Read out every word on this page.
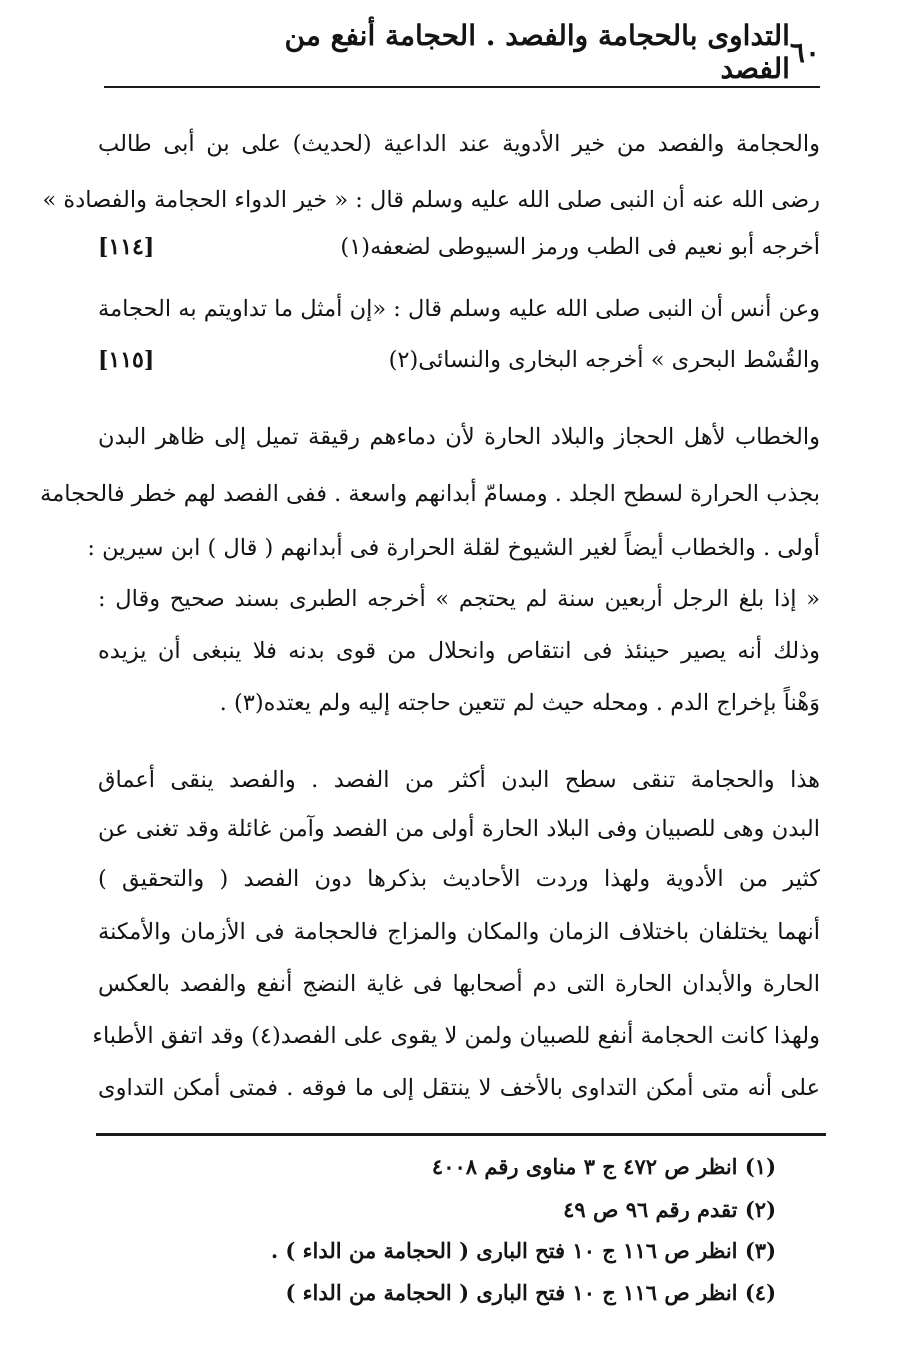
٦٠
التداوى بالحجامة والفصد . الحجامة أنفع من الفصد
والحجامة والفصد من خير الأدوية عند الداعية (لحديث) على بن أبى طالب
رضى الله عنه أن النبى صلى الله عليه وسلم قال : « خير الدواء الحجامة والفصادة »
أخرجه أبو نعيم فى الطب ورمز السيوطى لضعفه(١)
[١١٤]
وعن أنس أن النبى صلى الله عليه وسلم قال : «إن أمثل ما تداويتم به الحجامة
والقُسْط البحرى » أخرجه البخارى والنسائى(٢)
[١١٥]
والخطاب لأهل الحجاز والبلاد الحارة لأن دماءهم رقيقة تميل إلى ظاهر البدن
بجذب الحرارة لسطح الجلد . ومسامّ أبدانهم واسعة . ففى الفصد لهم خطر فالحجامة
أولى . والخطاب أيضاً لغير الشيوخ لقلة الحرارة فى أبدانهم ( قال ) ابن سيرين :
« إذا بلغ الرجل أربعين سنة لم يحتجم » أخرجه الطبرى بسند صحيح وقال :
وذلك أنه يصير حينئذ فى انتقاص وانحلال من قوى بدنه فلا ينبغى أن يزيده
وَهْناً بإخراج الدم . ومحله حيث لم تتعين حاجته إليه ولم يعتده(٣) .
هذا والحجامة تنقى سطح البدن أكثر من الفصد . والفصد ينقى أعماق
البدن وهى للصبيان وفى البلاد الحارة أولى من الفصد وآمن غائلة وقد تغنى عن
كثير من الأدوية ولهذا وردت الأحاديث بذكرها دون الفصد ( والتحقيق )
أنهما يختلفان باختلاف الزمان والمكان والمزاج فالحجامة فى الأزمان والأمكنة
الحارة والأبدان الحارة التى دم أصحابها فى غاية النضج أنفع والفصد بالعكس
ولهذا كانت الحجامة أنفع للصبيان ولمن لا يقوى على الفصد(٤) وقد اتفق الأطباء
على أنه متى أمكن التداوى بالأخف لا ينتقل إلى ما فوقه . فمتى أمكن التداوى
(١) انظر ص ٤٧٢ ج ٣ مناوى رقم ٤٠٠٨
(٢) تقدم رقم ٩٦ ص ٤٩
(٣) انظر ص ١١٦ ج ١٠ فتح البارى ( الحجامة من الداء ) .
(٤) انظر ص ١١٦ ج ١٠ فتح البارى ( الحجامة من الداء )
